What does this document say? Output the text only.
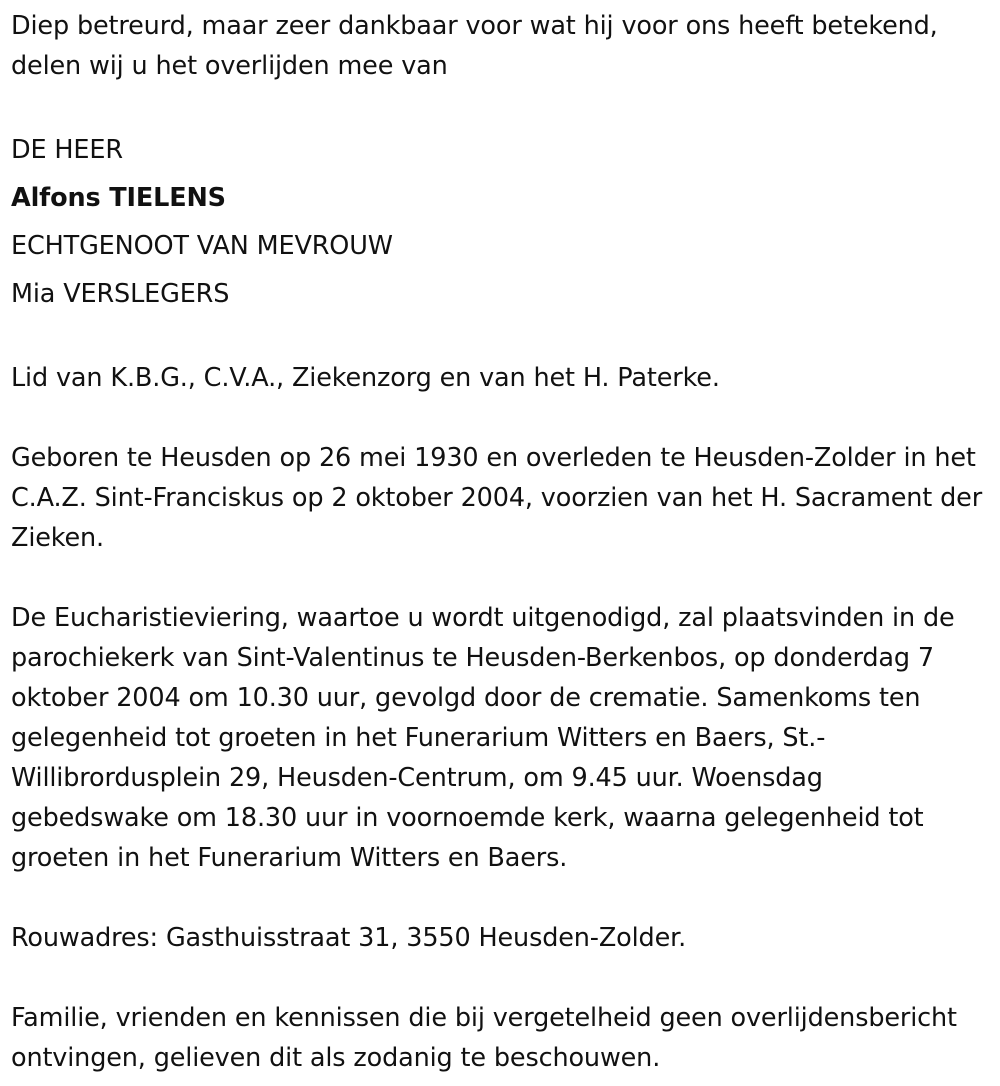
Diep betreurd, maar zeer dankbaar voor wat hij voor ons heeft betekend, delen wij u het overlijden mee van

DE HEER
Alfons TIELENS
ECHTGENOOT VAN MEVROUW
Mia VERSLEGERS

Lid van K.B.G., C.V.A., Ziekenzorg en van het H. Paterke.

Geboren te Heusden op 26 mei 1930 en overleden te Heusden-Zolder in het C.A.Z. Sint-Franciskus op 2 oktober 2004, voorzien van het H. Sacrament der Zieken.

De Eucharistieviering, waartoe u wordt uitgenodigd, zal plaatsvinden in de parochiekerk van Sint-Valentinus te Heusden-Berkenbos, op donderdag 7 oktober 2004 om 10.30 uur, gevolgd door de crematie. Samenkoms ten gelegenheid tot groeten in het Funerarium Witters en Baers, St.-Willibrordusplein 29, Heusden-Centrum, om 9.45 uur. Woensdag gebedswake om 18.30 uur in voornoemde kerk, waarna gelegenheid tot groeten in het Funerarium Witters en Baers.

Rouwadres: Gasthuisstraat 31, 3550 Heusden-Zolder.

Familie, vrienden en kennissen die bij vergetelheid geen overlijdensbericht ontvingen, gelieven dit als zodanig te beschouwen.
